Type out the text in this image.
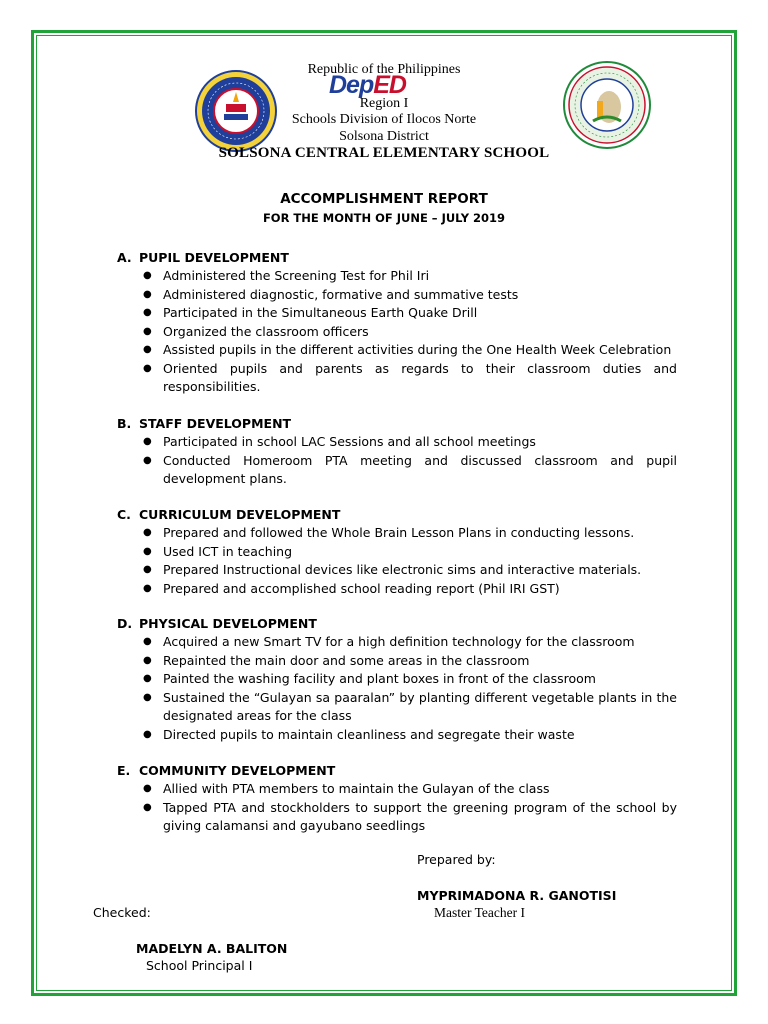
Republic of the Philippines
DepED
Region I
Schools Division of Ilocos Norte
Solsona District
SOLSONA CENTRAL ELEMENTARY SCHOOL
ACCOMPLISHMENT REPORT
FOR THE MONTH OF JUNE – JULY 2019
A. PUPIL DEVELOPMENT
● Administered the Screening Test for Phil Iri
● Administered diagnostic, formative and summative tests
● Participated in the Simultaneous Earth Quake Drill
● Organized the classroom officers
● Assisted pupils in the different activities during the One Health Week Celebration
● Oriented pupils and parents as regards to their classroom duties and responsibilities.
B. STAFF DEVELOPMENT
● Participated in school LAC Sessions and all school meetings
● Conducted Homeroom PTA meeting and discussed classroom and pupil development plans.
C. CURRICULUM DEVELOPMENT
● Prepared and followed the Whole Brain Lesson Plans in conducting lessons.
● Used ICT in teaching
● Prepared Instructional devices like electronic sims and interactive materials.
● Prepared and accomplished school reading report (Phil IRI GST)
D. PHYSICAL DEVELOPMENT
● Acquired a new Smart TV for a high definition technology for the classroom
● Repainted the main door and some areas in the classroom
● Painted the washing facility and plant boxes in front of the classroom
● Sustained the “Gulayan sa paaralan” by planting different vegetable plants in the designated areas for the class
● Directed pupils to maintain cleanliness and segregate their waste
E. COMMUNITY DEVELOPMENT
● Allied with PTA members to maintain the Gulayan of the class
● Tapped PTA and stockholders to support the greening program of the school by giving calamansi and gayubano seedlings
Prepared by:
MYPRIMADONA R. GANOTISI
Master Teacher I
Checked:
MADELYN A. BALITON
School Principal I
